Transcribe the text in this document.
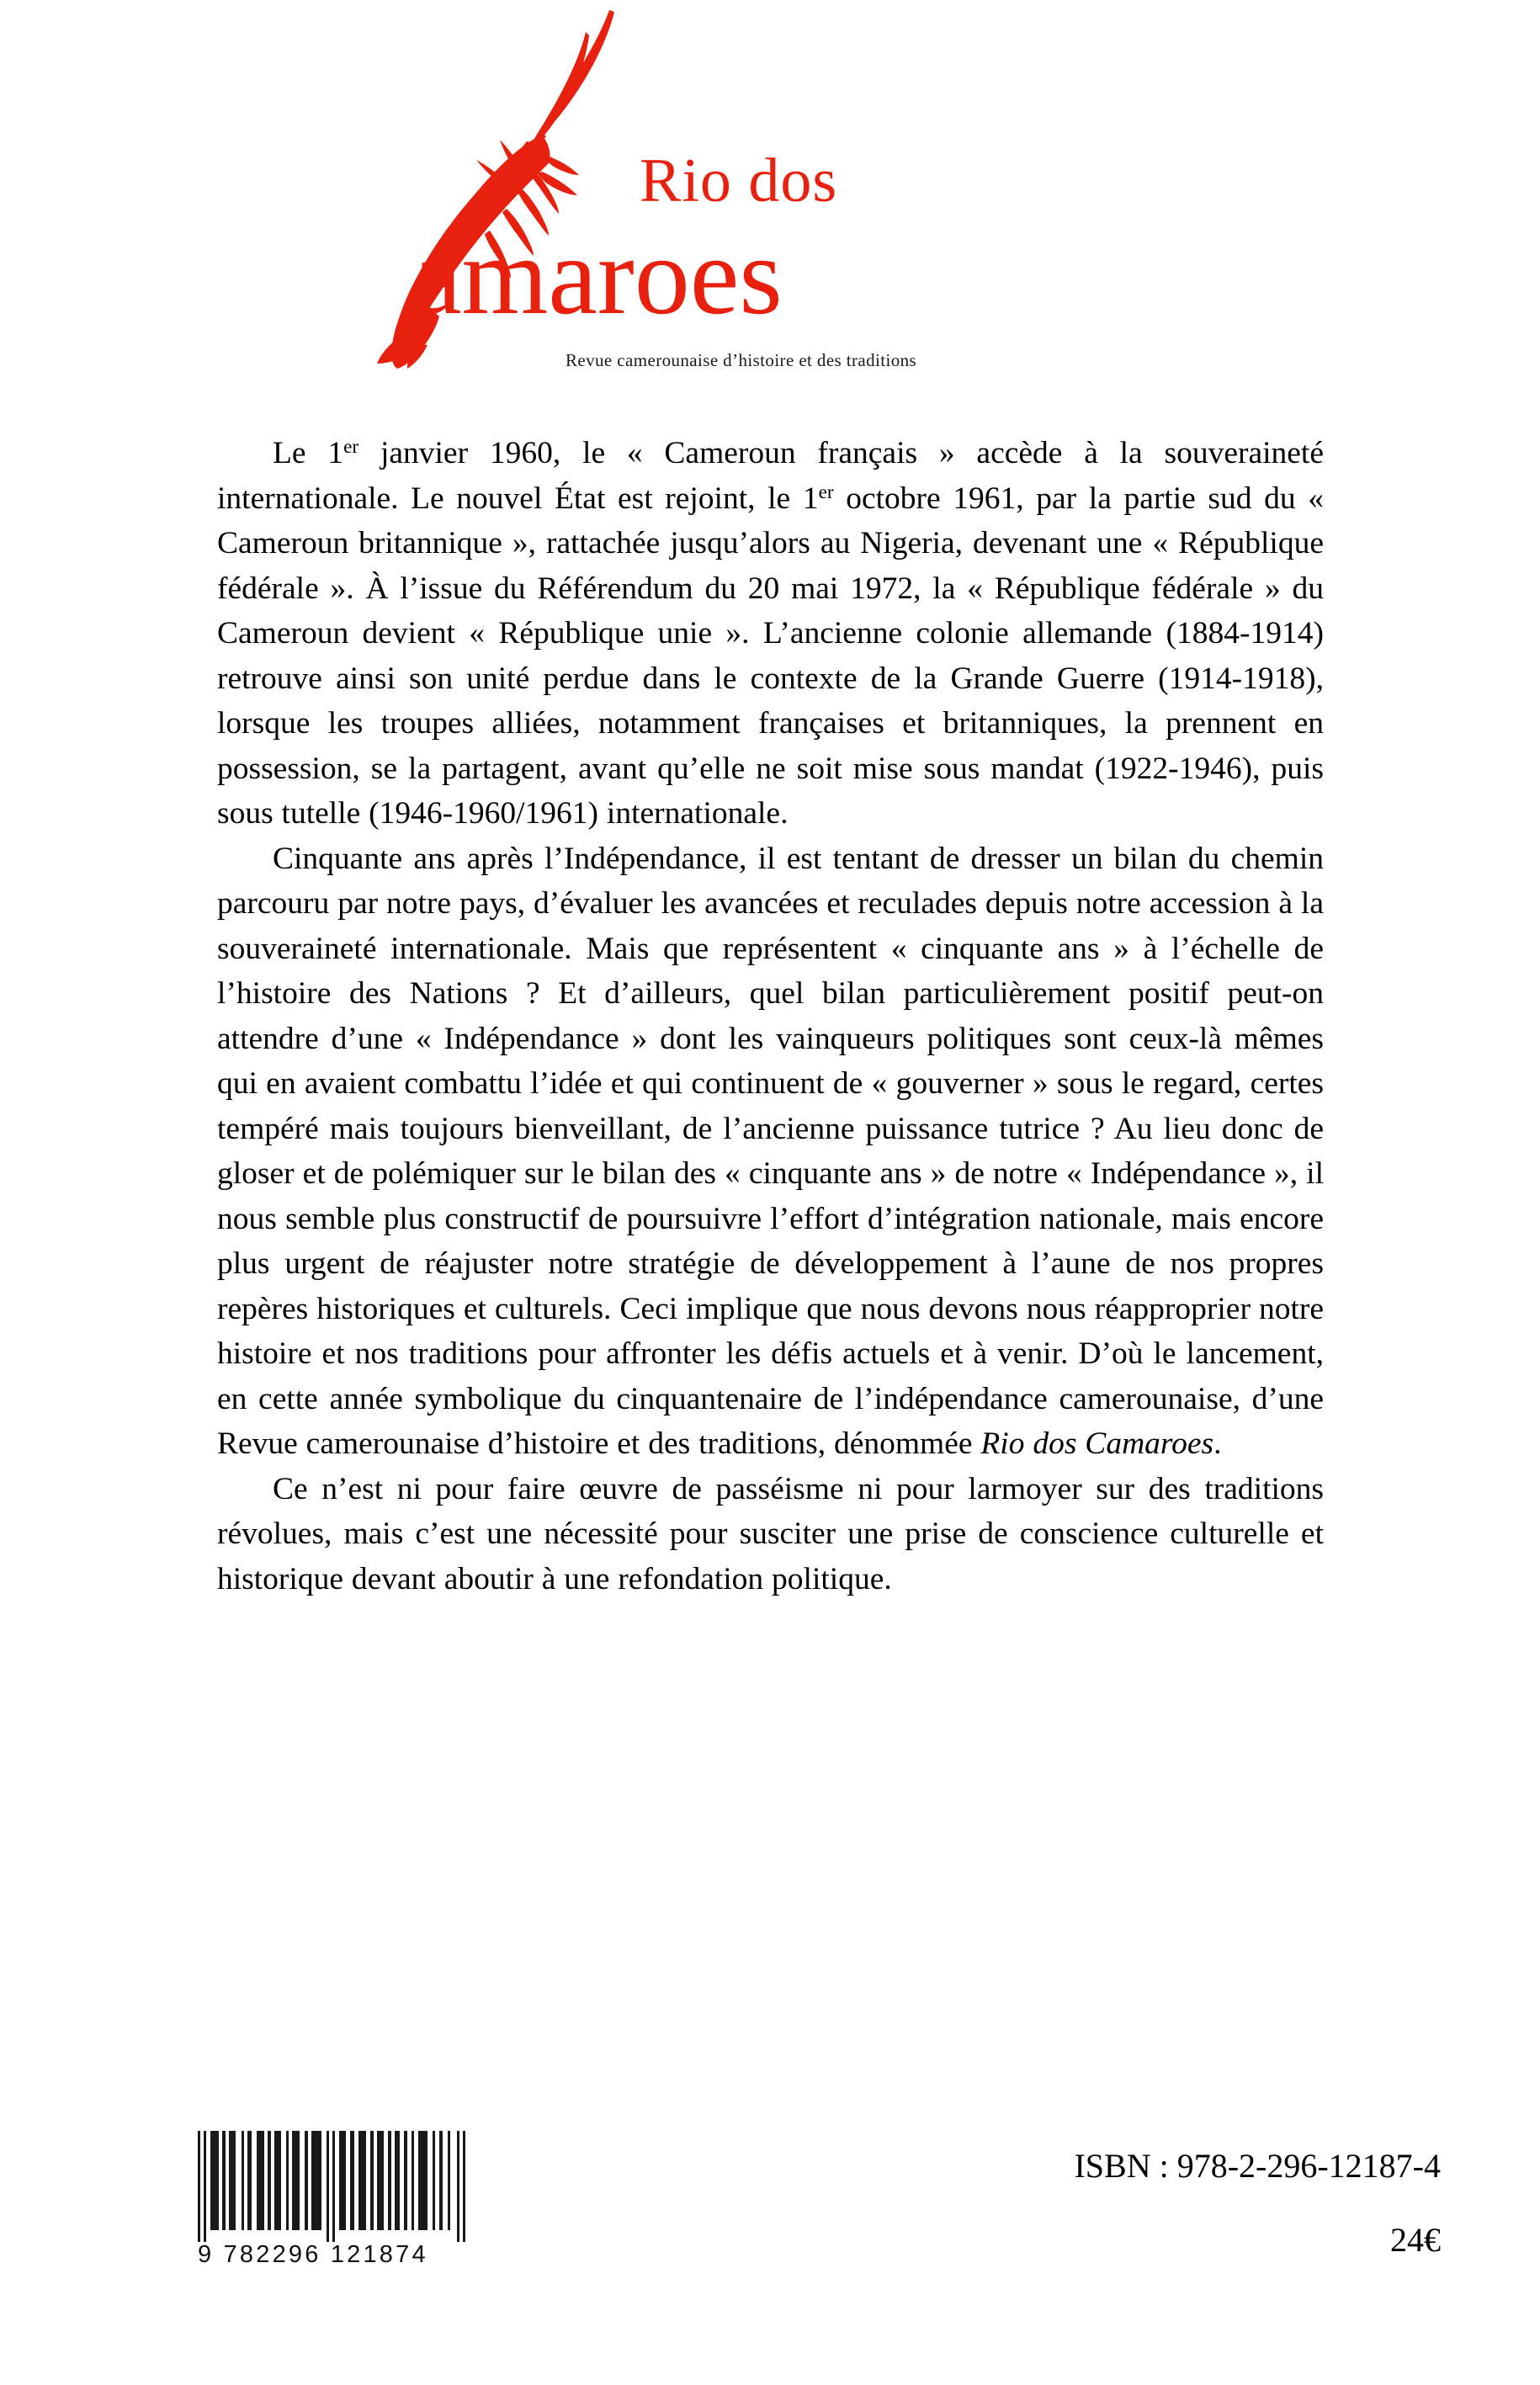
Rio dos
amaroes
Revue camerounaise d’histoire et des traditions

Le 1er janvier 1960, le « Cameroun français » accède à la souveraineté internationale. Le nouvel État est rejoint, le 1er octobre 1961, par la partie sud du « Cameroun britannique », rattachée jusqu’alors au Nigeria, devenant une « République fédérale ». À l’issue du Référendum du 20 mai 1972, la « République fédérale » du Cameroun devient « République unie ». L’ancienne colonie allemande (1884-1914) retrouve ainsi son unité perdue dans le contexte de la Grande Guerre (1914-1918), lorsque les troupes alliées, notamment françaises et britanniques, la prennent en possession, se la partagent, avant qu’elle ne soit mise sous mandat (1922-1946), puis sous tutelle (1946-1960/1961) internationale.

Cinquante ans après l’Indépendance, il est tentant de dresser un bilan du chemin parcouru par notre pays, d’évaluer les avancées et reculades depuis notre accession à la souveraineté internationale. Mais que représentent « cinquante ans » à l’échelle de l’histoire des Nations ? Et d’ailleurs, quel bilan particulièrement positif peut-on attendre d’une « Indépendance » dont les vainqueurs politiques sont ceux-là mêmes qui en avaient combattu l’idée et qui continuent de « gouverner » sous le regard, certes tempéré mais toujours bienveillant, de l’ancienne puissance tutrice ? Au lieu donc de gloser et de polémiquer sur le bilan des « cinquante ans » de notre « Indépendance », il nous semble plus constructif de poursuivre l’effort d’intégration nationale, mais encore plus urgent de réajuster notre stratégie de développement à l’aune de nos propres repères historiques et culturels. Ceci implique que nous devons nous réapproprier notre histoire et nos traditions pour affronter les défis actuels et à venir. D’où le lancement, en cette année symbolique du cinquantenaire de l’indépendance camerounaise, d’une Revue camerounaise d’histoire et des traditions, dénommée Rio dos Camaroes.

Ce n’est ni pour faire œuvre de passéisme ni pour larmoyer sur des traditions révolues, mais c’est une nécessité pour susciter une prise de conscience culturelle et historique devant aboutir à une refondation politique.

9 782296 121874
ISBN : 978-2-296-12187-4
24€
